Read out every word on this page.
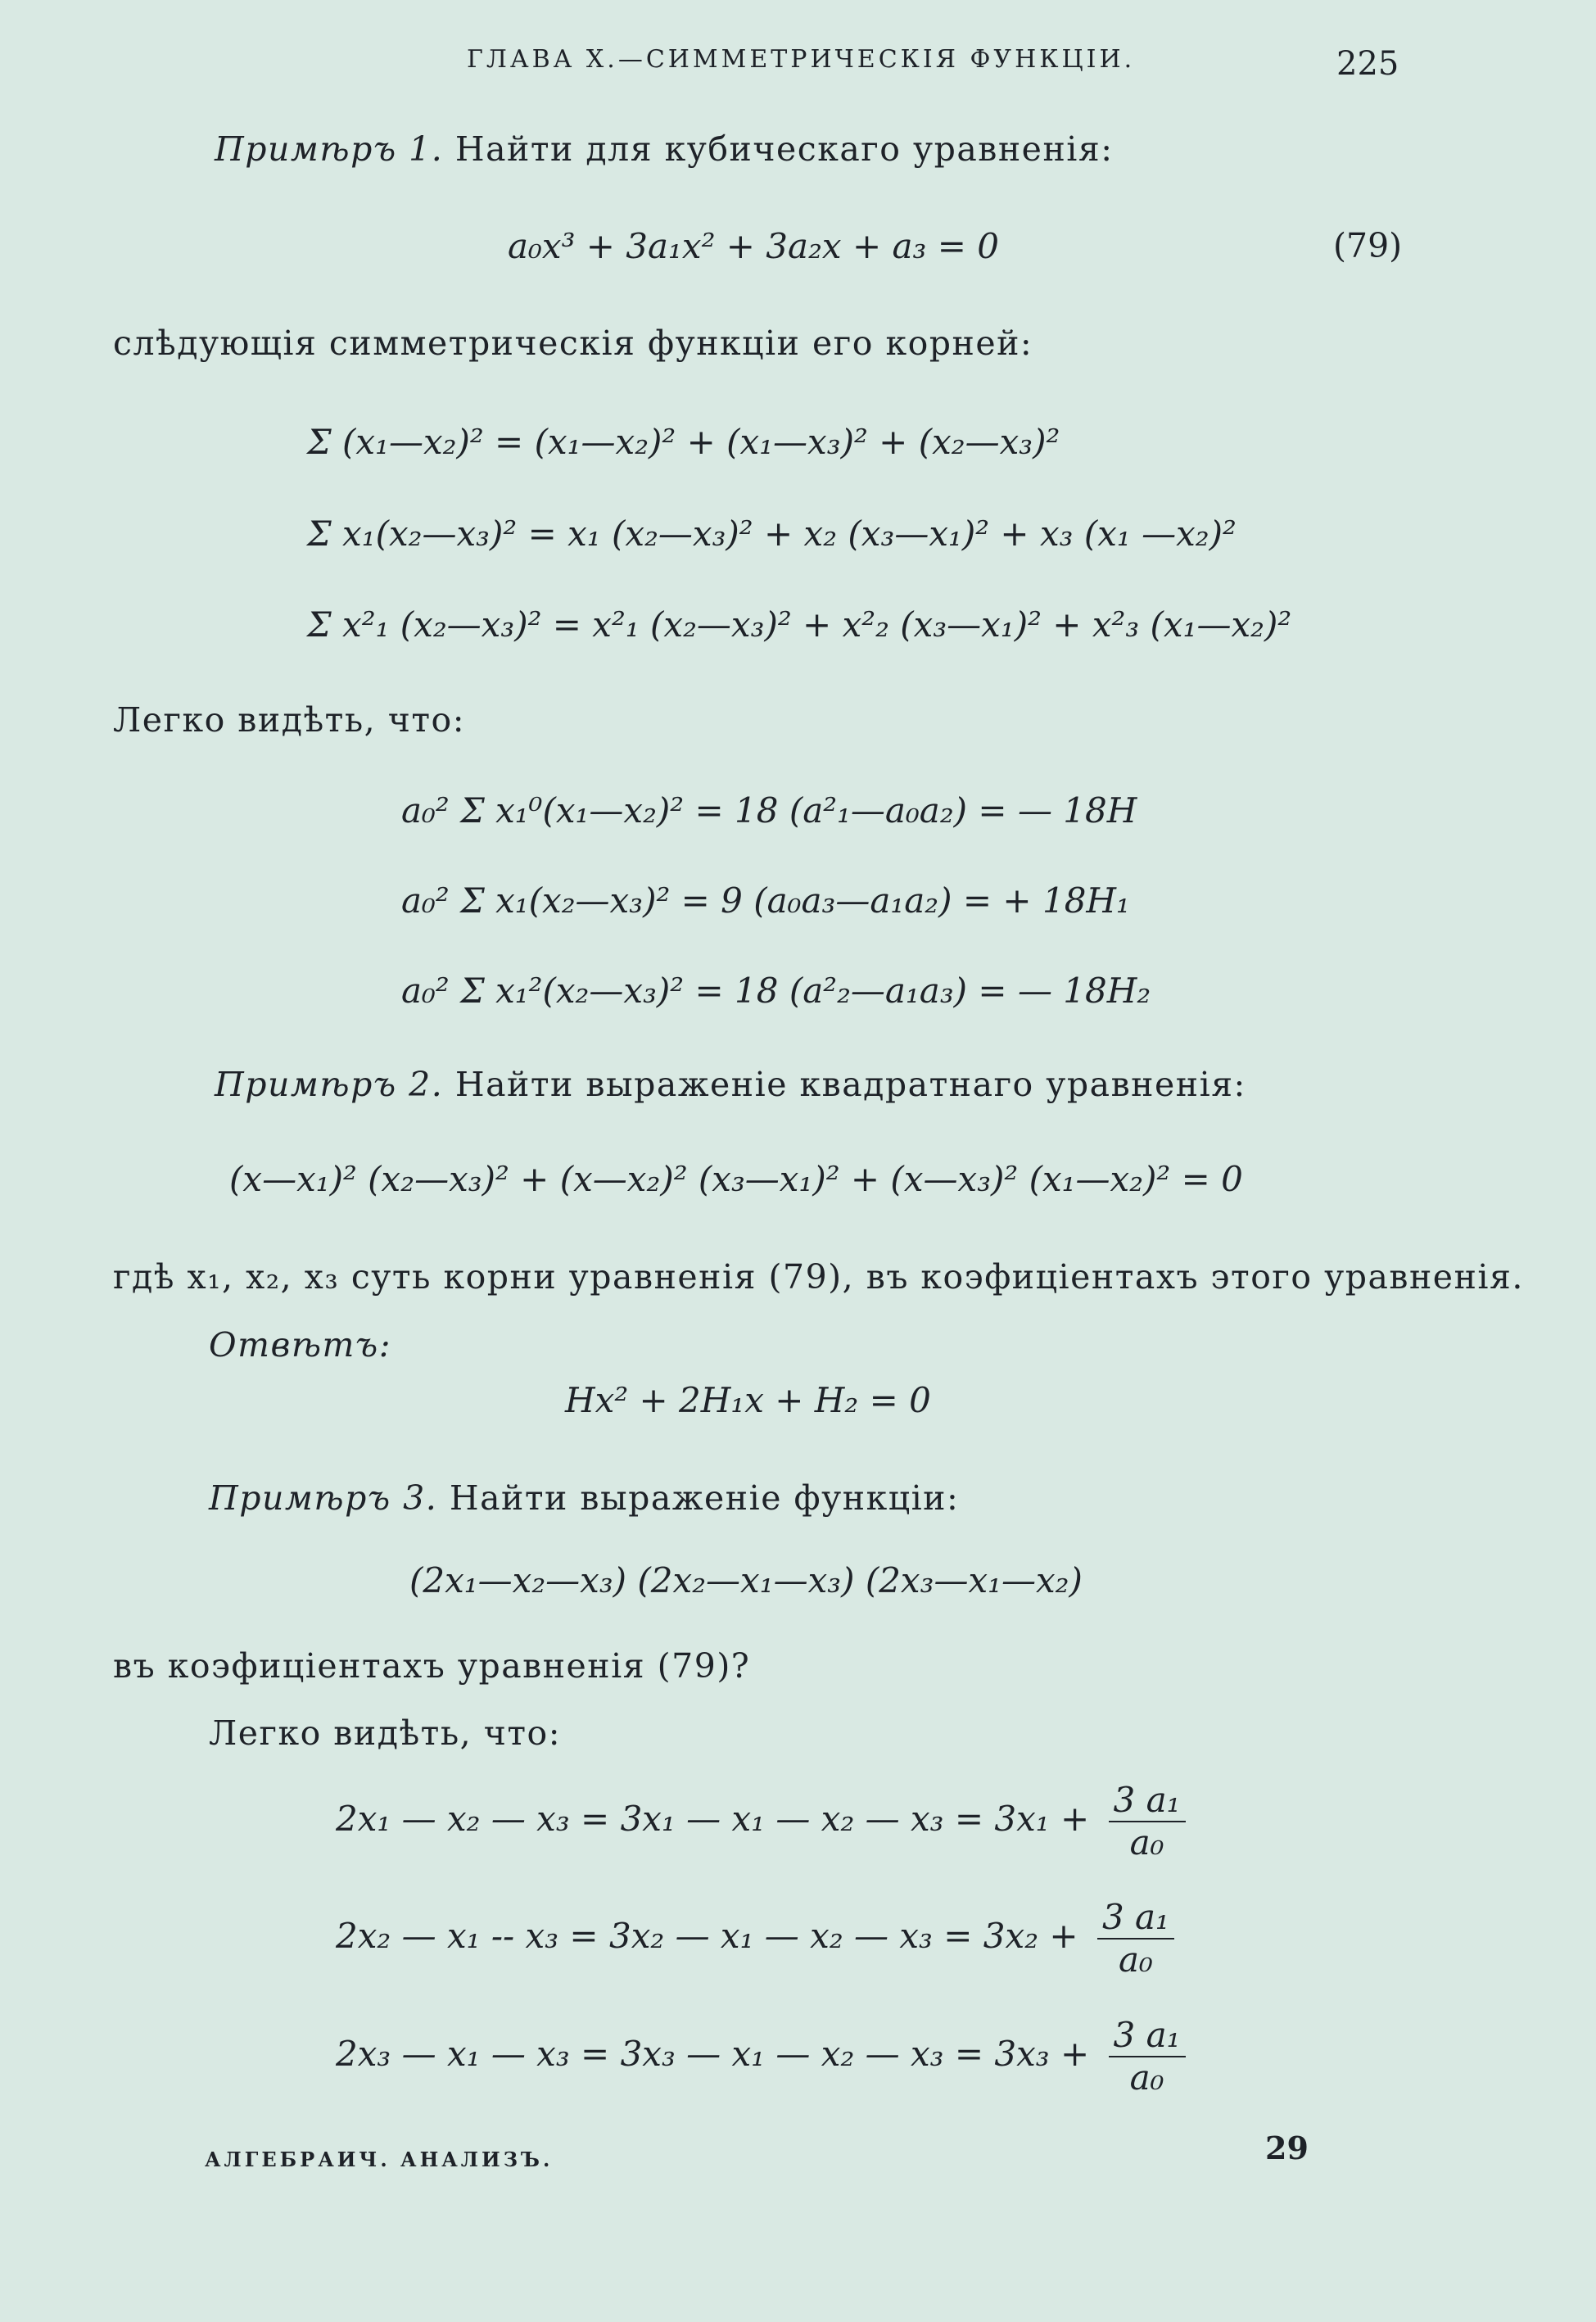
ГЛАВА X.—СИММЕТРИЧЕСКІЯ ФУНКЦІИ.	225
Примѣръ 1. Найти для кубическаго уравненія:
a₀x³ + 3a₁x² + 3a₂x + a₃ = 0	(79)
слѣдующія симметрическія функціи его корней:
Σ (x₁—x₂)² = (x₁—x₂)² + (x₁—x₃)² + (x₂—x₃)²
Σ x₁(x₂—x₃)² = x₁ (x₂—x₃)² + x₂ (x₃—x₁)² + x₃ (x₁ —x₂)²
Σ x²₁ (x₂—x₃)² = x²₁ (x₂—x₃)² + x²₂ (x₃—x₁)² + x²₃ (x₁—x₂)²
Легко видѣть, что:
a₀² Σ x₁⁰(x₁—x₂)² = 18 (a²₁—a₀a₂) = — 18H
a₀² Σ x₁(x₂—x₃)² = 9 (a₀a₃—a₁a₂) = + 18H₁
a₀² Σ x₁²(x₂—x₃)² = 18 (a²₂—a₁a₃) = — 18H₂
Примѣръ 2. Найти выраженіе квадратнаго уравненія:
(x—x₁)² (x₂—x₃)² + (x—x₂)² (x₃—x₁)² + (x—x₃)² (x₁—x₂)² = 0
гдѣ x₁, x₂, x₃ суть корни уравненія (79), въ коэфиціентахъ этого уравненія.
Отвѣтъ:
Hx² + 2H₁x + H₂ = 0
Примѣръ 3. Найти выраженіе функціи:
(2x₁—x₂—x₃) (2x₂—x₁—x₃) (2x₃—x₁—x₂)
въ коэфиціентахъ уравненія (79)?
Легко видѣть, что:
2x₁ — x₂ — x₃ = 3x₁ — x₁ — x₂ — $x_3 = 3x_1 + \frac{\text{3 a₁}}{\text{a₀}}$
2x₂ — x₁ -- x₃ = 3x₂ — x₁ — x₂ — $x_3 = 3x_2 + \frac{\text{3 a₁}}{\text{a₀}}$
2x₃ — x₁ — x₃ = 3x₃ — x₁ — x₂ — $x_3 = 3x_3 + \frac{\text{3 a₁}}{\text{a₀}}$
АЛГЕБРАИЧ. АНАЛИЗЪ.	29
